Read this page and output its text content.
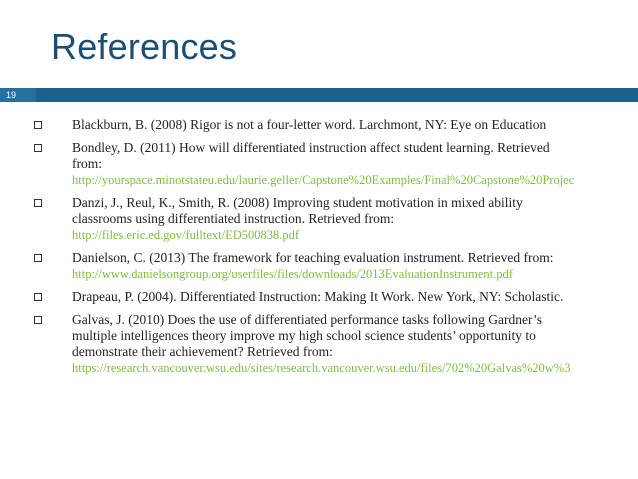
References
19
Blackburn, B. (2008) Rigor is not a four-letter word. Larchmont, NY: Eye on Education
Bondley, D. (2011) How will differentiated instruction affect student learning. Retrieved
from:
http://yourspace.minotstateu.edu/laurie.geller/Capstone%20Examples/Final%20Capstone%20Projec
Danzi, J., Reul, K., Smith, R. (2008) Improving student motivation in mixed ability
classrooms using differentiated instruction. Retrieved from:
http://files.eric.ed.gov/fulltext/ED500838.pdf
Danielson, C. (2013) The framework for teaching evaluation instrument. Retrieved from:
http://www.danielsongroup.org/userfiles/files/downloads/2013EvaluationInstrument.pdf
Drapeau, P. (2004). Differentiated Instruction: Making It Work. New York, NY: Scholastic.
Galvas, J. (2010) Does the use of differentiated performance tasks following Gardner’s
multiple intelligences theory improve my high school science students’ opportunity to
demonstrate their achievement? Retrieved from:
https://research.vancouver.wsu.edu/sites/research.vancouver.wsu.edu/files/702%20Galvas%20w%3
